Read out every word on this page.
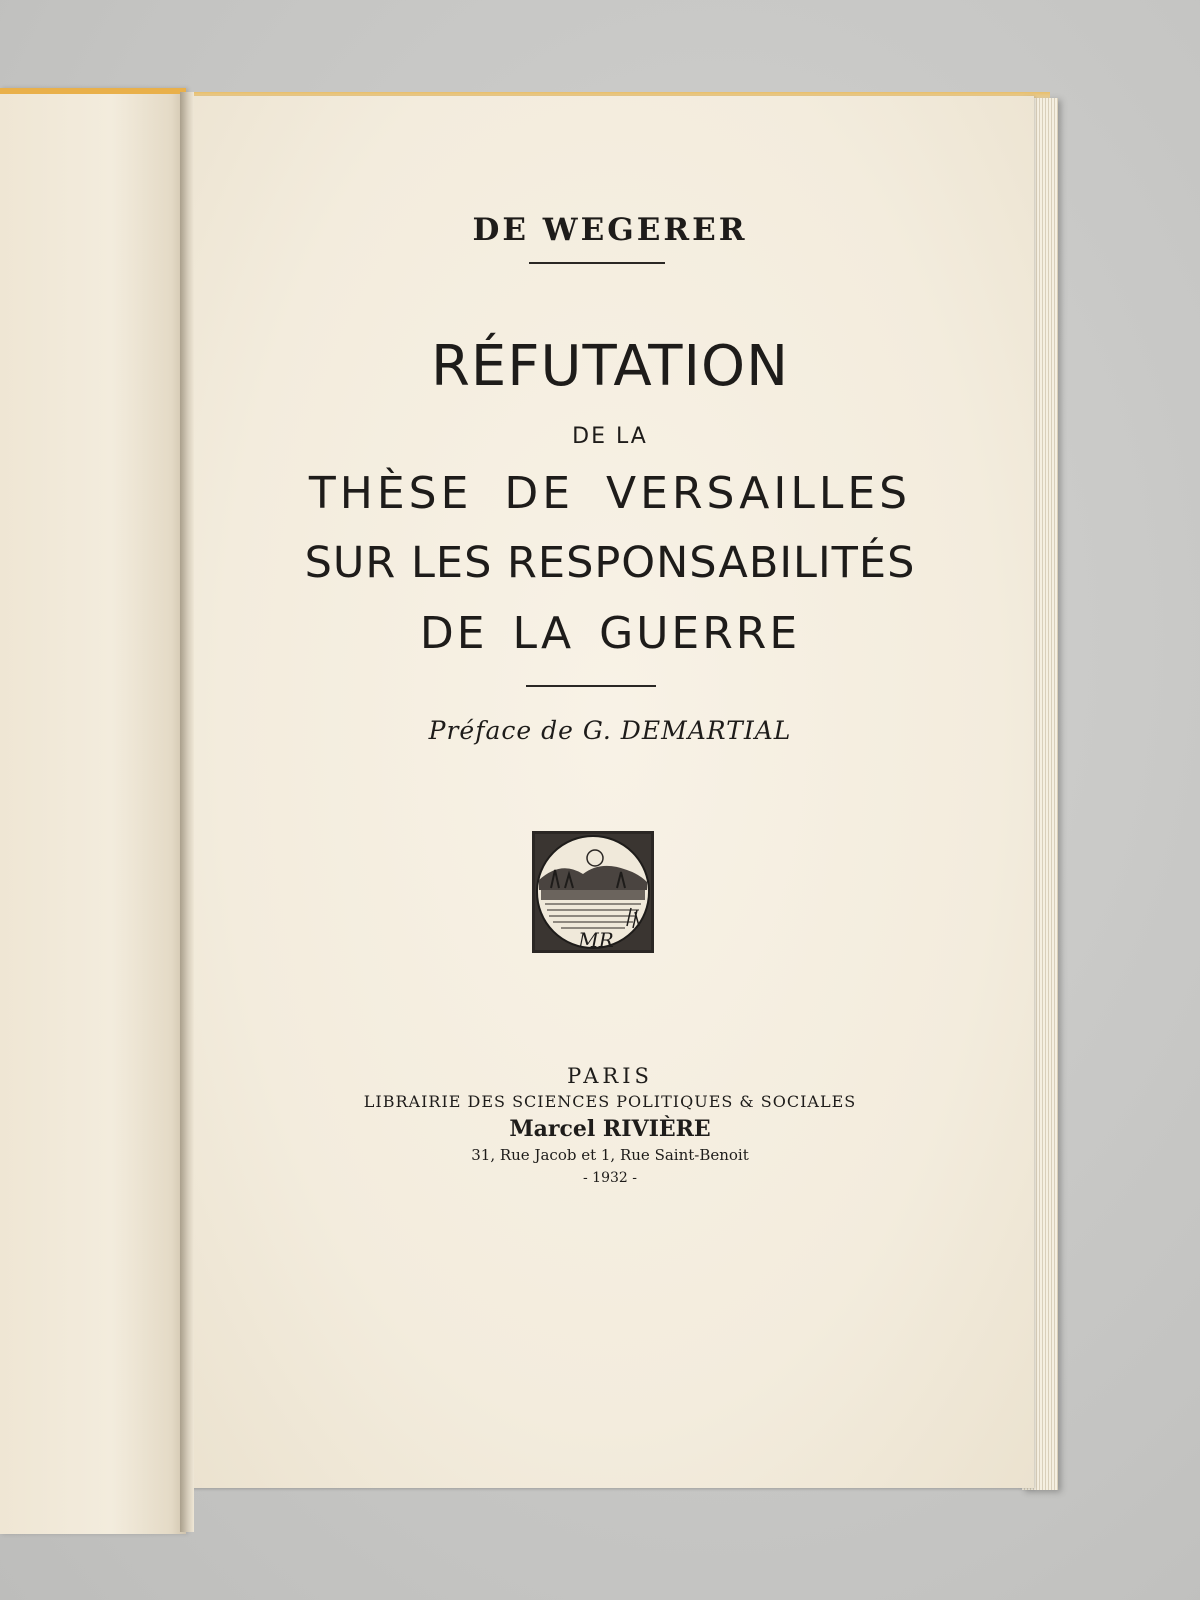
DE WEGERER
RÉFUTATION
DE LA
THÈSE DE VERSAILLES
SUR LES RESPONSABILITÉS
DE LA GUERRE
Préface de G. DEMARTIAL
MR
PARIS
LIBRAIRIE DES SCIENCES POLITIQUES & SOCIALES
Marcel RIVIÈRE
31, Rue Jacob et 1, Rue Saint-Benoit
- 1932 -
